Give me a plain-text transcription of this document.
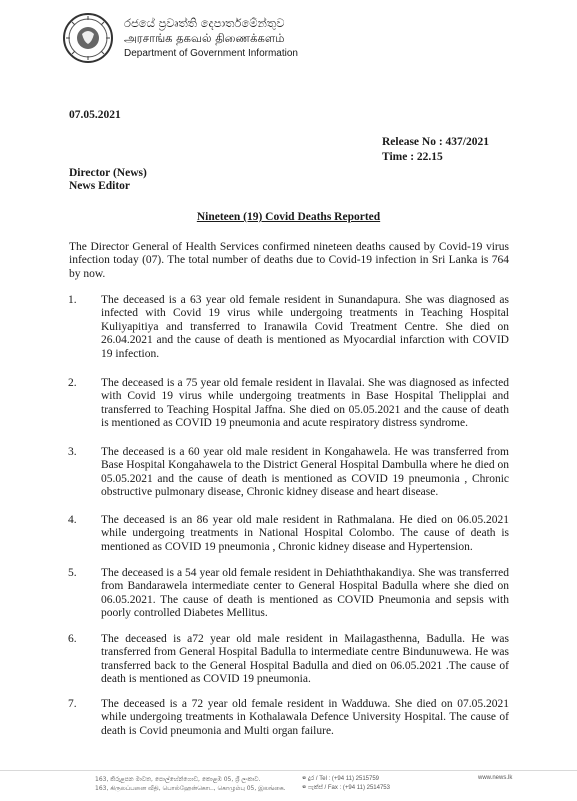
රජයේ ප්‍රවෘත්ති දෙපාර්තමේන්තුව
அரசாங்க தகவல் திணைக்களம்
Department of Government Information
07.05.2021
Release No : 437/2021
Time : 22.15
Director (News)
News Editor
Nineteen (19) Covid Deaths Reported
The Director General of Health Services confirmed nineteen deaths caused by Covid-19 virus infection today (07). The total number of deaths due to Covid-19 infection in Sri Lanka is 764 by now.
1. The deceased is a 63 year old female resident in Sunandapura. She was diagnosed as infected with Covid 19 virus while undergoing treatments in Teaching Hospital Kuliyapitiya and transferred to Iranawila Covid Treatment Centre. She died on 26.04.2021 and the cause of death is mentioned as Myocardial infarction with COVID 19 infection.
2. The deceased is a 75 year old female resident in Ilavalai. She was diagnosed as infected with Covid 19 virus while undergoing treatments in Base Hospital Thelipplai and transferred to Teaching Hospital Jaffna. She died on 05.05.2021 and the cause of death is mentioned as COVID 19 pneumonia and acute respiratory distress syndrome.
3. The deceased is a 60 year old male resident in Kongahawela. He was transferred from Base Hospital Kongahawela to the District General Hospital Dambulla where he died on 05.05.2021 and the cause of death is mentioned as COVID 19 pneumonia , Chronic obstructive pulmonary disease, Chronic kidney disease and heart disease.
4. The deceased is an 86 year old male resident in Rathmalana. He died on 06.05.2021 while undergoing treatments in National Hospital Colombo. The cause of death is mentioned as COVID 19 pneumonia , Chronic kidney disease and Hypertension.
5. The deceased is a 54 year old female resident in Dehiaththakandiya. She was transferred from Bandarawela intermediate center to General Hospital Badulla where she died on 06.05.2021. The cause of death is mentioned as COVID Pneumonia and sepsis with poorly controlled Diabetes Mellitus.
6. The deceased is a72 year old male resident in Mailagasthenna, Badulla. He was transferred from General Hospital Badulla to intermediate centre Bindunuwewa. He was transferred back to the General Hospital Badulla and died on 06.05.2021 .The cause of death is mentioned as COVID 19 pneumonia.
7. The deceased is a 72 year old female resident in Wadduwa. She died on 07.05.2021 while undergoing treatments in Kothalawala Defence University Hospital. The cause of death is Covid pneumonia and Multi organ failure.
163, කිරුළපන මාවත, පොල්හේන්ගොඩ, කොළඹ 05, ශ්‍රී ලංකාව.
163, கிருலப்பனை வீதி, பொல்ஹேன்கொட, கொழும்பு 05, இலங்கை.
☎ දුර / Tel : (+94 11) 2515759
☎ ෆැක්ස් / Fax : (+94 11) 2514753
www.news.lk
